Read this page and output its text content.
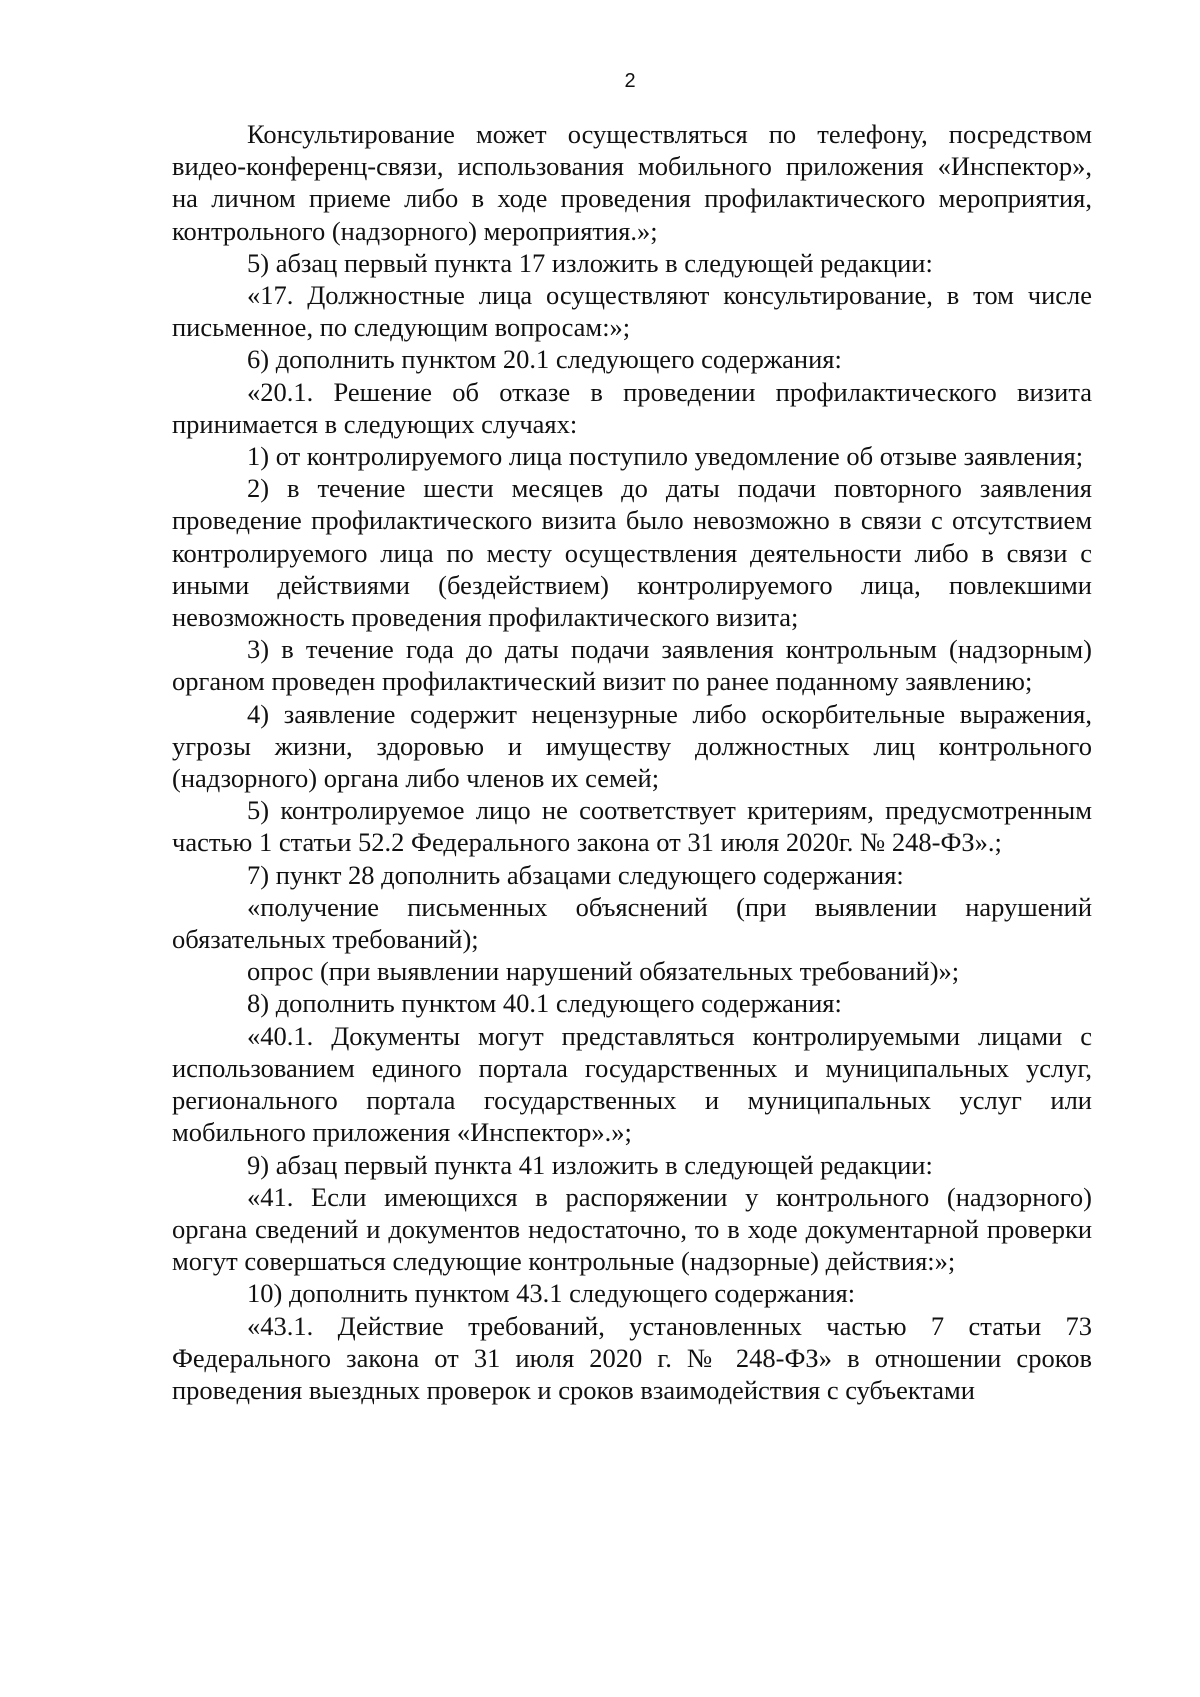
2

Консультирование может осуществляться по телефону, посредством видео-конференц-связи, использования мобильного приложения «Инспектор», на личном приеме либо в ходе проведения профилактического мероприятия, контрольного (надзорного) мероприятия.»;

5) абзац первый пункта 17 изложить в следующей редакции:

«17. Должностные лица осуществляют консультирование, в том числе письменное, по следующим вопросам:»;

6) дополнить пунктом 20.1 следующего содержания:

«20.1. Решение об отказе в проведении профилактического визита принимается в следующих случаях:

1) от контролируемого лица поступило уведомление об отзыве заявления;

2) в течение шести месяцев до даты подачи повторного заявления проведение профилактического визита было невозможно в связи с отсутствием контролируемого лица по месту осуществления деятельности либо в связи с иными действиями (бездействием) контролируемого лица, повлекшими невозможность проведения профилактического визита;

3) в течение года до даты подачи заявления контрольным (надзорным) органом проведен профилактический визит по ранее поданному заявлению;

4) заявление содержит нецензурные либо оскорбительные выражения, угрозы жизни, здоровью и имуществу должностных лиц контрольного (надзорного) органа либо членов их семей;

5) контролируемое лицо не соответствует критериям, предусмотренным частью 1 статьи 52.2 Федерального закона от 31 июля 2020г. № 248-ФЗ».;

7) пункт 28 дополнить абзацами следующего содержания:

«получение письменных объяснений (при выявлении нарушений обязательных требований);

опрос (при выявлении нарушений обязательных требований)»;

8) дополнить пунктом 40.1 следующего содержания:

«40.1. Документы могут представляться контролируемыми лицами с использованием единого портала государственных и муниципальных услуг, регионального портала государственных и муниципальных услуг или мобильного приложения «Инспектор».»;

9) абзац первый пункта 41 изложить в следующей редакции:

«41. Если имеющихся в распоряжении у контрольного (надзорного) органа сведений и документов недостаточно, то в ходе документарной проверки могут совершаться следующие контрольные (надзорные) действия:»;

10) дополнить пунктом 43.1 следующего содержания:

«43.1. Действие требований, установленных частью 7 статьи 73 Федерального закона от 31 июля 2020 г. № 248-ФЗ» в отношении сроков проведения выездных проверок и сроков взаимодействия с субъектами
